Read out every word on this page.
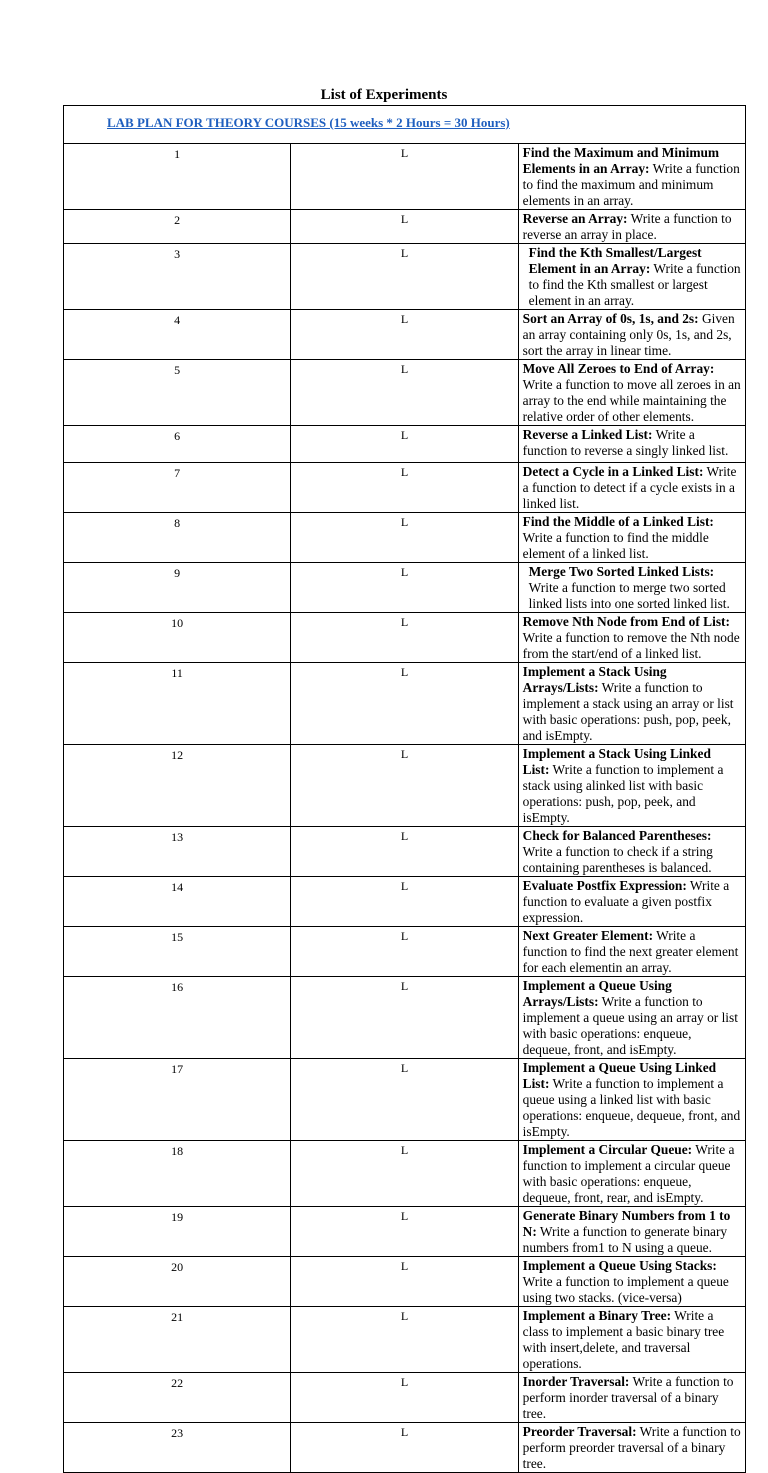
List of Experiments
LAB PLAN FOR THEORY COURSES (15 weeks * 2 Hours = 30 Hours)		

1	L	Find the Maximum and Minimum Elements in an Array: Write a function to find the maximum and minimum elements in an array.
2	L	Reverse an Array: Write a function to reverse an array in place.
3	L	Find the Kth Smallest/Largest Element in an Array: Write a function to find the Kth smallest or largest element in an array.
4	L	Sort an Array of 0s, 1s, and 2s: Given an array containing only 0s, 1s, and 2s, sort the array in linear time.
5	L	Move All Zeroes to End of Array: Write a function to move all zeroes in an array to the end while maintaining the relative order of other elements.
6	L	Reverse a Linked List: Write a function to reverse a singly linked list.
7	L	Detect a Cycle in a Linked List: Write a function to detect if a cycle exists in a linked list.
8	L	Find the Middle of a Linked List: Write a function to find the middle element of a linked list.
9	L	Merge Two Sorted Linked Lists: Write a function to merge two sorted linked lists into one sorted linked list.
10	L	Remove Nth Node from End of List: Write a function to remove the Nth node from the start/end of a linked list.
11	L	Implement a Stack Using Arrays/Lists: Write a function to implement a stack using an array or list with basic operations: push, pop, peek, and isEmpty.
12	L	Implement a Stack Using Linked List: Write a function to implement a stack using alinked list with basic operations: push, pop, peek, and isEmpty.
13	L	Check for Balanced Parentheses: Write a function to check if a string containing parentheses is balanced.
14	L	Evaluate Postfix Expression: Write a function to evaluate a given postfix expression.
15	L	Next Greater Element: Write a function to find the next greater element for each elementin an array.
16	L	Implement a Queue Using Arrays/Lists: Write a function to implement a queue using an array or list with basic operations: enqueue, dequeue, front, and isEmpty.
17	L	Implement a Queue Using Linked List: Write a function to implement a queue using a linked list with basic operations: enqueue, dequeue, front, and isEmpty.
18	L	Implement a Circular Queue: Write a function to implement a circular queue with basic operations: enqueue, dequeue, front, rear, and isEmpty.
19	L	Generate Binary Numbers from 1 to N: Write a function to generate binary numbers from1 to N using a queue.
20	L	Implement a Queue Using Stacks: Write a function to implement a queue using two stacks. (vice-versa)
21	L	Implement a Binary Tree: Write a class to implement a basic binary tree with insert,delete, and traversal operations.
22	L	Inorder Traversal: Write a function to perform inorder traversal of a binary tree.
23	L	Preorder Traversal: Write a function to perform preorder traversal of a binary tree.
